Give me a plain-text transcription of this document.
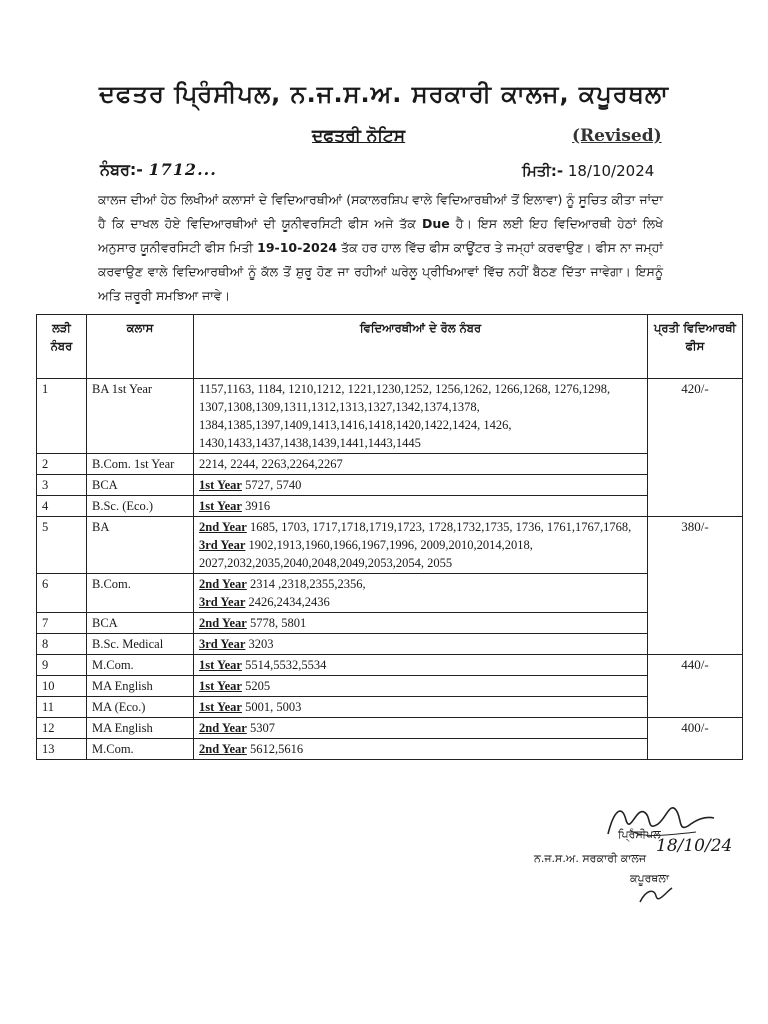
ਦਫਤਰ ਪ੍ਰਿੰਸੀਪਲ, ਨ.ਜ.ਸ.ਅ. ਸਰਕਾਰੀ ਕਾਲਜ, ਕਪੂਰਥਲਾ
ਦਫਤਰੀ ਨੋਟਿਸ	(Revised)
ਨੰਬਰ:- 1712...	ਮਿਤੀ:- 18/10/2024
ਕਾਲਜ ਦੀਆਂ ਹੇਠ ਲਿਖੀਆਂ ਕਲਾਸਾਂ ਦੇ ਵਿਦਿਆਰਥੀਆਂ (ਸਕਾਲਰਸ਼ਿਪ ਵਾਲੇ ਵਿਦਿਆਰਥੀਆਂ ਤੋਂ ਇਲਾਵਾ) ਨੂੰ ਸੂਚਿਤ ਕੀਤਾ ਜਾਂਦਾ ਹੈ ਕਿ ਦਾਖਲ ਹੋਏ ਵਿਦਿਆਰਥੀਆਂ ਦੀ ਯੂਨੀਵਰਸਿਟੀ ਫੀਸ ਅਜੇ ਤੱਕ Due ਹੈ। ਇਸ ਲਈ ਇਹ ਵਿਦਿਆਰਥੀ ਹੇਠਾਂ ਲਿਖੇ ਅਨੁਸਾਰ ਯੂਨੀਵਰਸਿਟੀ ਫੀਸ ਮਿਤੀ 19-10-2024 ਤੱਕ ਹਰ ਹਾਲ ਵਿੱਚ ਫੀਸ ਕਾਊਂਟਰ ਤੇ ਜਮ੍ਹਾਂ ਕਰਵਾਉਣ। ਫੀਸ ਨਾ ਜਮ੍ਹਾਂ ਕਰਵਾਉਣ ਵਾਲੇ ਵਿਦਿਆਰਥੀਆਂ ਨੂੰ ਕੱਲ ਤੋਂ ਸ਼ੁਰੂ ਹੋਣ ਜਾ ਰਹੀਆਂ ਘਰੇਲੂ ਪ੍ਰੀਖਿਆਵਾਂ ਵਿੱਚ ਨਹੀਂ ਬੈਠਣ ਦਿੱਤਾ ਜਾਵੇਗਾ। ਇਸਨੂੰ ਅਤਿ ਜ਼ਰੂਰੀ ਸਮਝਿਆ ਜਾਵੇ।
ਲੜੀ ਨੰਬਰ	ਕਲਾਸ	ਵਿਦਿਆਰਥੀਆਂ ਦੇ ਰੋਲ ਨੰਬਰ	ਪ੍ਰਤੀ ਵਿਦਿਆਰਥੀ ਫੀਸ
1	BA 1st Year	1157,1163, 1184, 1210,1212, 1221,1230,1252, 1256,1262, 1266,1268, 1276,1298, 1307,1308,1309,1311,1312,1313,1327,1342,1374,1378, 1384,1385,1397,1409,1413,1416,1418,1420,1422,1424, 1426, 1430,1433,1437,1438,1439,1441,1443,1445	420/-
2	B.Com. 1st Year	2214, 2244, 2263,2264,2267	

3	BCA	1st Year 5727, 5740	

4	B.Sc. (Eco.)	1st Year 3916	

5	BA	2nd Year 1685, 1703, 1717,1718,1719,1723, 1728,1732,1735, 1736, 1761,1767,1768,
3rd Year 1902,1913,1960,1966,1967,1996, 2009,2010,2014,2018, 2027,2032,2035,2040,2048,2049,2053,2054, 2055	380/-
6	B.Com.	2nd Year 2314 ,2318,2355,2356,
3rd Year 2426,2434,2436	

7	BCA	2nd Year 5778, 5801	

8	B.Sc. Medical	3rd Year 3203	

9	M.Com.	1st Year 5514,5532,5534	440/-
10	MA English	1st Year 5205	

11	MA (Eco.)	1st Year 5001, 5003	

12	MA English	2nd Year 5307	400/-
13	M.Com.	2nd Year 5612,5616	
ਪ੍ਰਿੰਸੀਪਲ
18/10/24
ਨ.ਜ.ਸ.ਅ. ਸਰਕਾਰੀ ਕਾਲਜ
ਕਪੂਰਥਲਾ
